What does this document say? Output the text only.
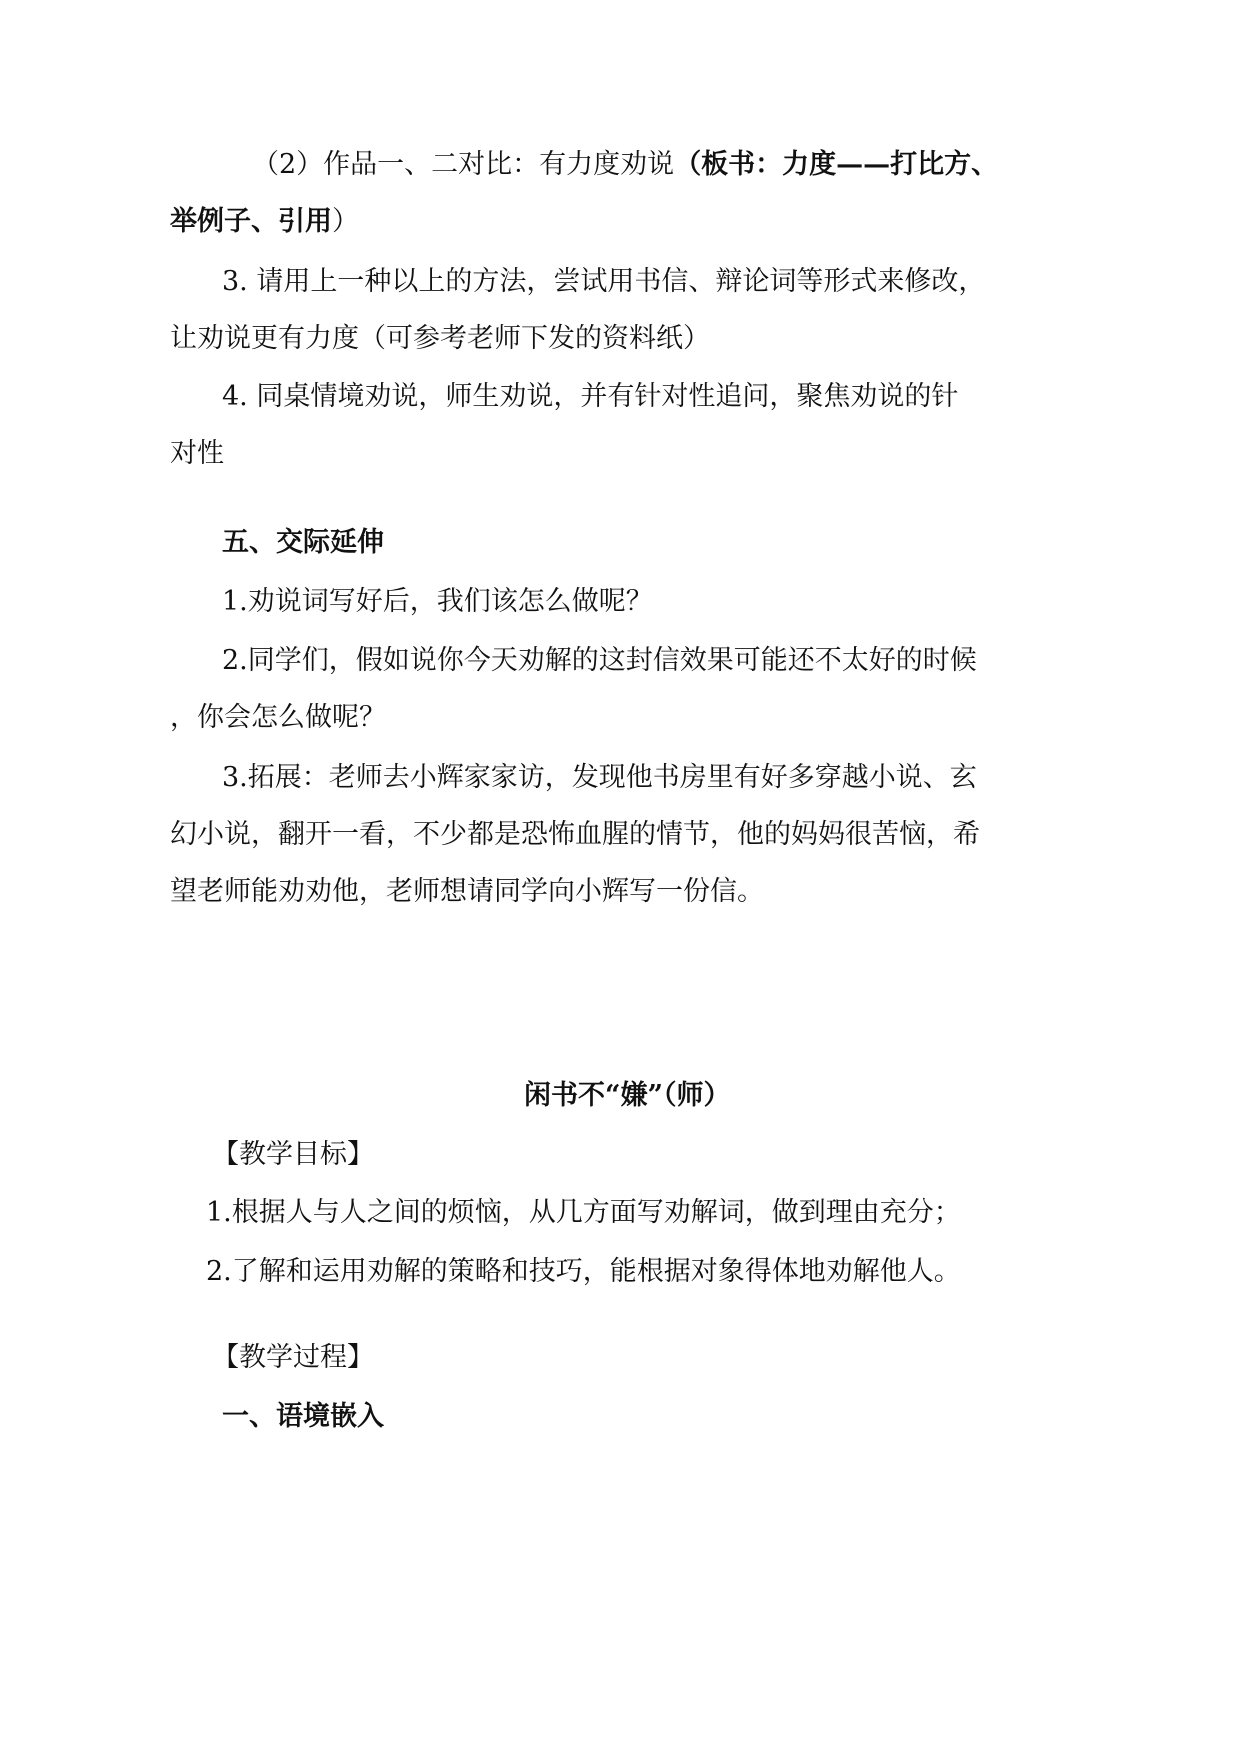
（2）作品一、二对比：有力度劝说（板书：力度——打比方、
举例子、引用）
3. 请用上一种以上的方法，尝试用书信、辩论词等形式来修改，
让劝说更有力度（可参考老师下发的资料纸）
4. 同桌情境劝说，师生劝说，并有针对性追问，聚焦劝说的针
对性
五、交际延伸
1.劝说词写好后，我们该怎么做呢？
2.同学们，假如说你今天劝解的这封信效果可能还不太好的时候
，你会怎么做呢？
3.拓展：老师去小辉家家访，发现他书房里有好多穿越小说、玄
幻小说，翻开一看，不少都是恐怖血腥的情节，他的妈妈很苦恼，希
望老师能劝劝他，老师想请同学向小辉写一份信。
闲书不“嫌”（师）
【教学目标】
1.根据人与人之间的烦恼，从几方面写劝解词，做到理由充分；
2.了解和运用劝解的策略和技巧，能根据对象得体地劝解他人。
【教学过程】
一、语境嵌入
